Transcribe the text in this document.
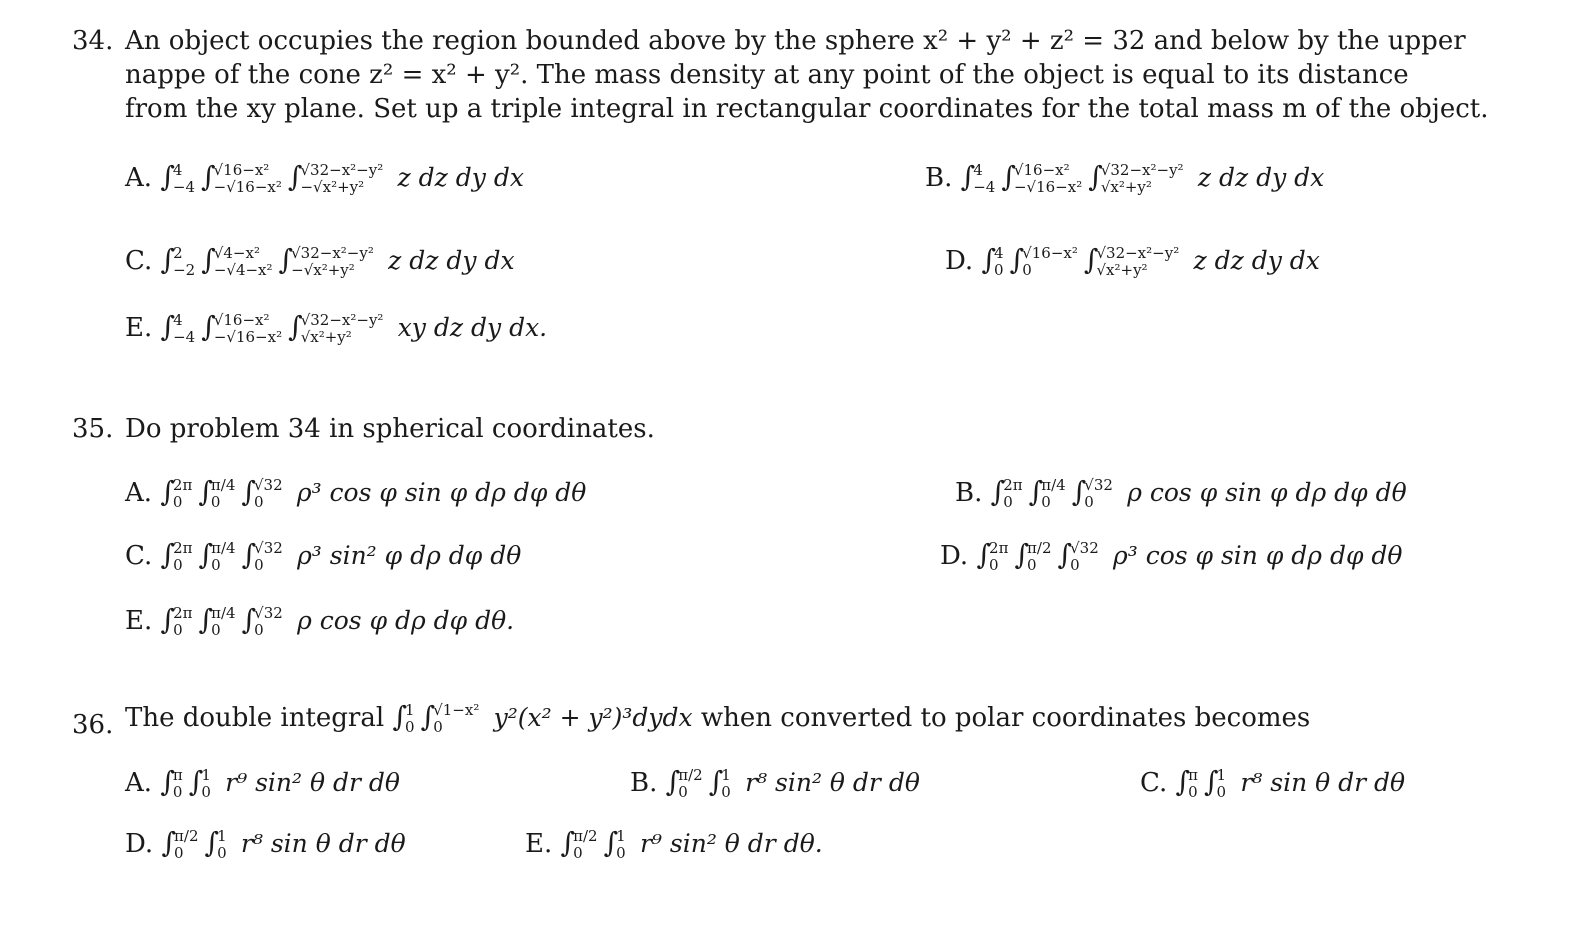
34. An object occupies the region bounded above by the sphere x² + y² + z² = 32 and below by the upper
nappe of the cone z² = x² + y². The mass density at any point of the object is equal to its distance
from the xy plane. Set up a triple integral in rectangular coordinates for the total mass m of the object.
A. ∫
4
−4 ∫
√16−x²
−√16−x² ∫
√32−x²−y²
−√x²+y²	z dz dy dx	B. ∫
4
−4 ∫
√16−x²
−√16−x² ∫
√32−x²−y²
√x²+y²	z dz dy dx
C. ∫
2
−2 ∫
√4−x²
−√4−x² ∫
√32−x²−y²
−√x²+y²	z dz dy dx	D. ∫
4
0 ∫
√16−x²
0	∫
√32−x²−y²
√x²+y²	z dz dy dx
E. ∫
4
−4 ∫
√16−x²
−√16−x² ∫
√32−x²−y²
√x²+y²	xy dz dy dx.
35. Do problem 34 in spherical coordinates.
A. ∫
2π
0 ∫
π/4
0 ∫
√32
0	ρ³ cos φ sin φ dρ dφ dθ	B. ∫
2π
0 ∫
π/4
0 ∫
√32
0	ρ cos φ sin φ dρ dφ dθ
C. ∫
2π
0 ∫
π/4
0 ∫
√32
0	ρ³ sin² φ dρ dφ dθ	D. ∫
2π
0 ∫
π/2
0 ∫
√32
0	ρ³ cos φ sin φ dρ dφ dθ
E. ∫
2π
0 ∫
π/4
0 ∫
√32
0	ρ cos φ dρ dφ dθ.
36. The double integral ∫
1
0 ∫
√1−x²
0	y²(x² + y²)³dydx when converted to polar coordinates becomes
A. ∫
π
0 ∫
1
0 r⁹ sin² θ dr dθ	B. ∫
π/2
0 ∫
1
0 r⁸ sin² θ dr dθ	C. ∫
π
0 ∫
1
0 r⁸ sin θ dr dθ
D. ∫
π/2
0 ∫
1
0 r⁸ sin θ dr dθ	E. ∫
π/2
0 ∫
1
0 r⁹ sin² θ dr dθ.
